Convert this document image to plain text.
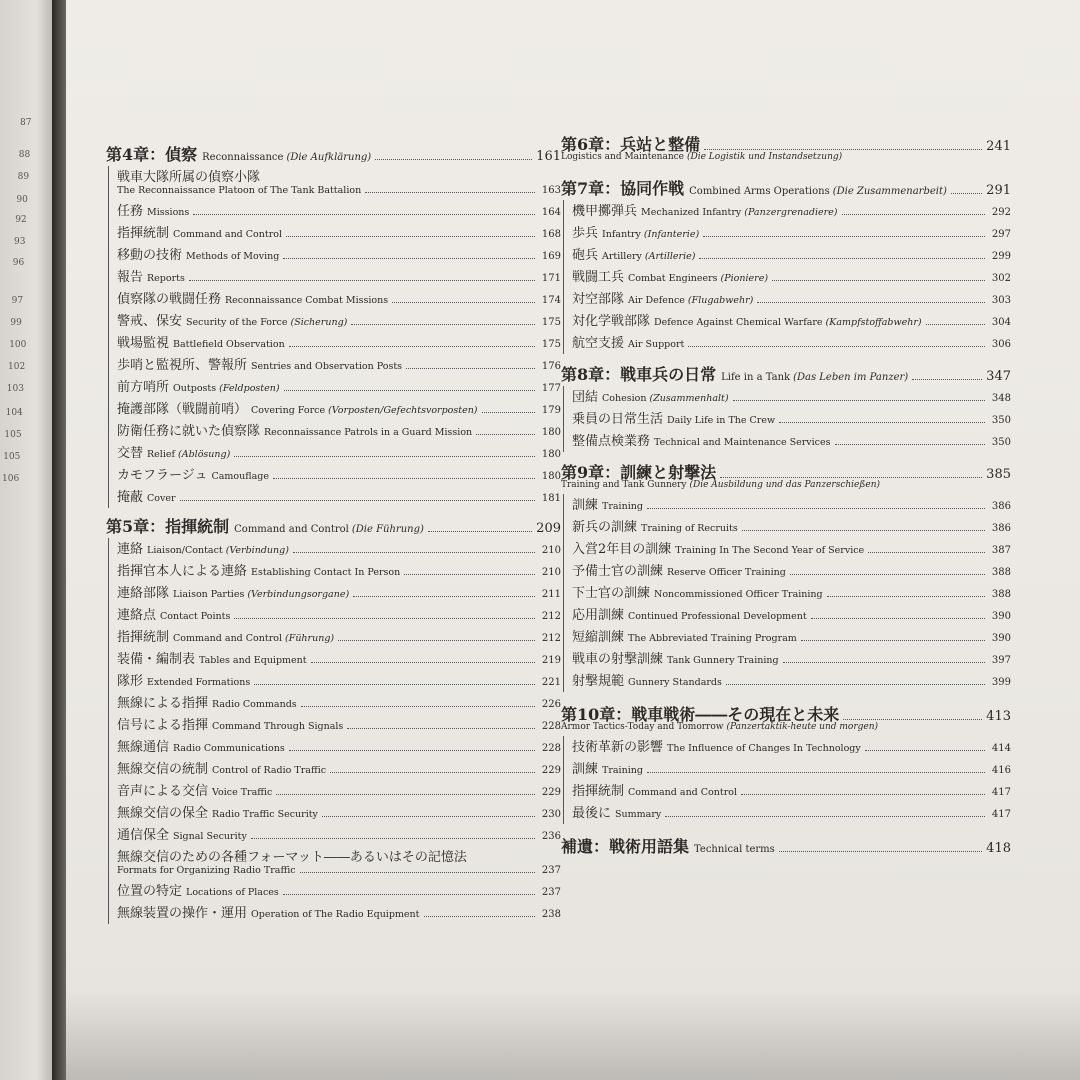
87
88
89
90
92
93
96
97
99
100
102
103
104
105
105
106
第4章：偵察 Reconnaissance (Die Aufklärung)	161
戦車大隊所属の偵察小隊
The Reconnaissance Platoon of The Tank Battalion	163
任務 Missions	164
指揮統制 Command and Control	168
移動の技術 Methods of Moving	169
報告 Reports	171
偵察隊の戦闘任務 Reconnaissance Combat Missions	174
警戒、保安 Security of the Force (Sicherung)	175
戦場監視 Battlefield Observation	175
歩哨と監視所、警報所 Sentries and Observation Posts	176
前方哨所 Outposts (Feldposten)	177
掩護部隊（戦闘前哨） Covering Force (Vorposten/Gefechtsvorposten)	179
防衛任務に就いた偵察隊 Reconnaissance Patrols in a Guard Mission	180
交替 Relief (Ablösung)	180
カモフラージュ Camouflage	180
掩蔽 Cover	181
第5章：指揮統制 Command and Control (Die Führung)	209
連絡 Liaison/Contact (Verbindung)	210
指揮官本人による連絡 Establishing Contact In Person	210
連絡部隊 Liaison Parties (Verbindungsorgane)	211
連絡点 Contact Points	212
指揮統制 Command and Control (Führung)	212
装備・編制表 Tables and Equipment	219
隊形 Extended Formations	221
無線による指揮 Radio Commands	226
信号による指揮 Command Through Signals	228
無線通信 Radio Communications	228
無線交信の統制 Control of Radio Traffic	229
音声による交信 Voice Traffic	229
無線交信の保全 Radio Traffic Security	230
通信保全 Signal Security	236
無線交信のための各種フォーマット――あるいはその記憶法
Formats for Organizing Radio Traffic	237
位置の特定 Locations of Places	237
無線装置の操作・運用 Operation of The Radio Equipment	238
第6章：兵站と整備	241
Logistics and Maintenance (Die Logistik und Instandsetzung)
第7章：協同作戦 Combined Arms Operations (Die Zusammenarbeit)	291
機甲擲弾兵 Mechanized Infantry (Panzergrenadiere)	292
歩兵 Infantry (Infanterie)	297
砲兵 Artillery (Artillerie)	299
戦闘工兵 Combat Engineers (Pioniere)	302
対空部隊 Air Defence (Flugabwehr)	303
対化学戦部隊 Defence Against Chemical Warfare (Kampfstoffabwehr)	304
航空支援 Air Support	306
第8章：戦車兵の日常 Life in a Tank (Das Leben im Panzer)	347
団結 Cohesion (Zusammenhalt)	348
乗員の日常生活 Daily Life in The Crew	350
整備点検業務 Technical and Maintenance Services	350
第9章：訓練と射撃法	385
Training and Tank Gunnery (Die Ausbildung und das Panzerschießen)
訓練 Training	386
新兵の訓練 Training of Recruits	386
入営2年目の訓練 Training In The Second Year of Service	387
予備士官の訓練 Reserve Officer Training	388
下士官の訓練 Noncommissioned Officer Training	388
応用訓練 Continued Professional Development	390
短縮訓練 The Abbreviated Training Program	390
戦車の射撃訓練 Tank Gunnery Training	397
射撃規範 Gunnery Standards	399
第10章：戦車戦術――その現在と未来	413
Armor Tactics-Today and Tomorrow (Panzertaktik-heute und morgen)
技術革新の影響 The Influence of Changes In Technology	414
訓練 Training	416
指揮統制 Command and Control	417
最後に Summary	417
補遺：戦術用語集 Technical terms	418
